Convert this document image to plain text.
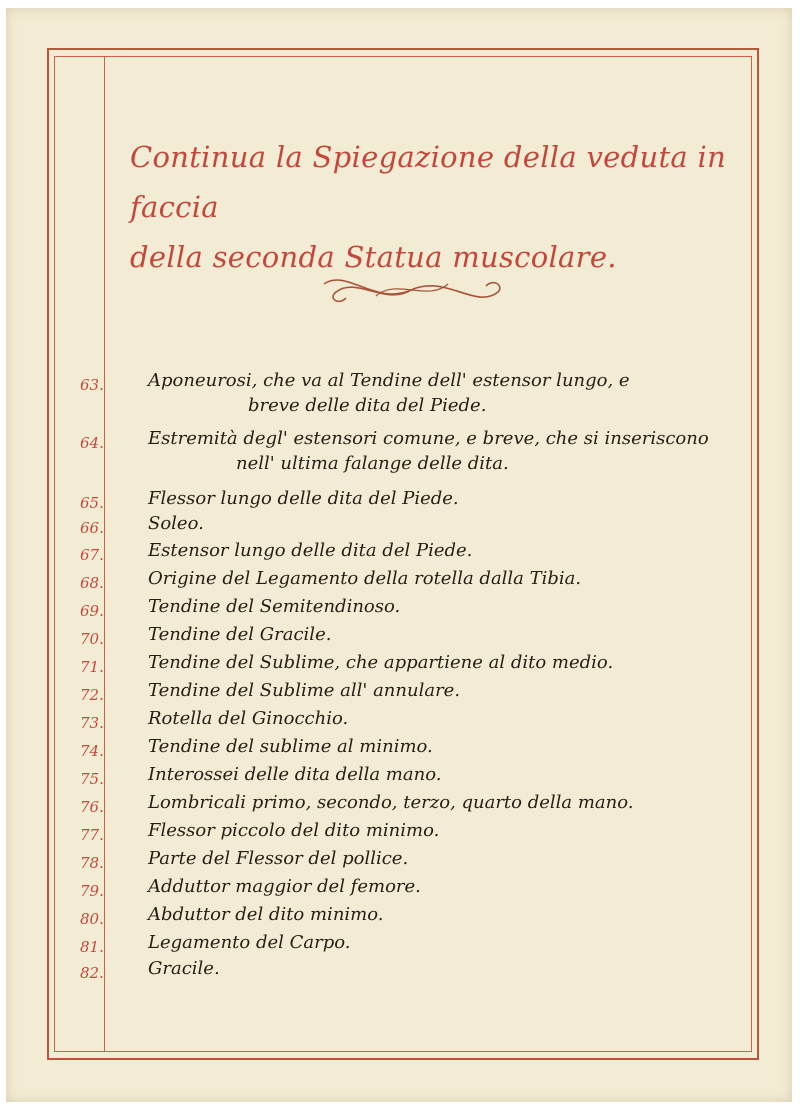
Continua la Spiegazione della veduta in faccia
della seconda Statua muscolare.
63.	Aponeurosi, che va al Tendine dell' estensor lungo, e
breve delle dita del Piede.
64.	Estremità degl' estensori comune, e breve, che si inseriscono
nell' ultima falange delle dita.
65.	Flessor lungo delle dita del Piede.
66.	Soleo.
67.	Estensor lungo delle dita del Piede.
68.	Origine del Legamento della rotella dalla Tibia.
69.	Tendine del Semitendinoso.
70.	Tendine del Gracile.
71.	Tendine del Sublime, che appartiene al dito medio.
72.	Tendine del Sublime all' annulare.
73.	Rotella del Ginocchio.
74.	Tendine del sublime al minimo.
75.	Interossei delle dita della mano.
76.	Lombricali primo, secondo, terzo, quarto della mano.
77.	Flessor piccolo del dito minimo.
78.	Parte del Flessor del pollice.
79.	Adduttor maggior del femore.
80.	Abduttor del dito minimo.
81.	Legamento del Carpo.
82.	Gracile.
